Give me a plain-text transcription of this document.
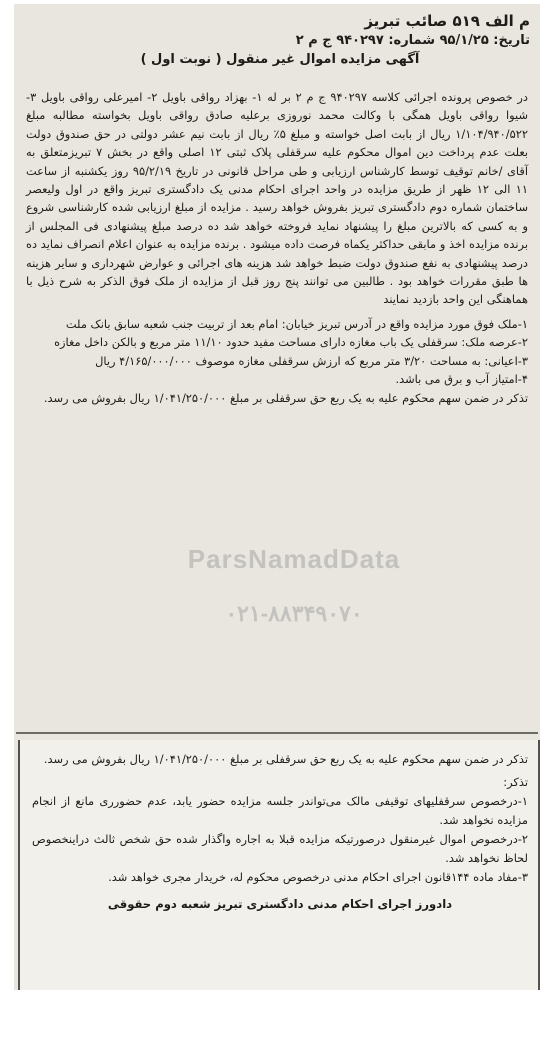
م الف ۵۱۹ صائب تبریز
تاریخ: ۹۵/۱/۲۵ شماره: ۹۴۰۲۹۷ ج م ۲
آگهی مزایده اموال غیر منقول ( نوبت اول )

در خصوص پرونده اجرائی کلاسه ۹۴۰۲۹۷ ج م ۲ بر له ۱- بهزاد رواقی باویل ۲- امیرعلی رواقی باویل ۳- شیوا رواقی باویل همگی با وکالت محمد نوروزی برعلیه صادق رواقی باویل بخواسته مطالبه مبلغ ۱/۱۰۴/۹۴۰/۵۲۲ ریال از بابت اصل خواسته و مبلغ ۵٪ ریال از بابت نیم عشر دولتی در حق صندوق دولت بعلت عدم پرداخت دین اموال محکوم علیه سرقفلی پلاک ثبتی ۱۲ اصلی واقع در بخش ۷ تبریزمتعلق به آقای /خانم توقیف توسط کارشناس ارزیابی و طی مراحل قانونی در تاریخ ۹۵/۲/۱۹ روز یکشنبه از ساعت ۱۱ الی ۱۲ ظهر از طریق مزایده در واحد اجرای احکام مدنی یک دادگستری تبریز واقع در اول ولیعصر ساختمان شماره دوم دادگستری تبریز بفروش خواهد رسید . مزایده از مبلغ ارزیابی شده کارشناسی شروع و به کسی که بالاترین مبلغ را پیشنهاد نماید فروخته خواهد شد ده درصد مبلغ پیشنهادی فی المجلس از برنده مزایده اخذ و مابقی حداکثر یکماه فرصت داده میشود . برنده مزایده به عنوان اعلام انصراف نماید ده درصد پیشنهادی به نفع صندوق دولت ضبط خواهد شد هزینه های اجرائی و عوارض شهرداری و سایر هزینه ها طبق مقررات خواهد بود . طالبین می توانند پنج روز قبل از مزایده از ملک فوق الذکر به شرح ذیل با هماهنگی این واحد بازدید نمایند

۱-ملک فوق مورد مزایده واقع در آدرس تبریز خیابان: امام بعد از تربیت جنب شعبه سابق بانک ملت

۲-عرصه ملک: سرقفلی یک باب مغازه دارای مساحت مفید حدود ۱۱/۱۰ متر مربع و بالکن داخل مغازه

۳-اعیانی: به مساحت ۳/۲۰ متر مربع که ارزش سرقفلی مغازه موصوف ۴/۱۶۵/۰۰۰/۰۰۰ ریال

۴-امتیاز آب و برق می باشد.

تذکر در ضمن سهم محکوم علیه به یک ربع حق سرقفلی بر مبلغ ۱/۰۴۱/۲۵۰/۰۰۰ ریال بفروش می رسد.

ParsNamadData
۰۲۱-۸۸۳۴۹۰۷۰

تذکر در ضمن سهم محکوم علیه به یک ربع حق سرقفلی بر مبلغ ۱/۰۴۱/۲۵۰/۰۰۰ ریال بفروش می رسد.

تذکر:

۱-درخصوص سرقفلیهای توقیفی مالک می‌تواندر جلسه مزایده حضور یابد، عدم حضورری مانع از انجام مزایده نخواهد شد.

۲-درخصوص اموال غیرمنقول درصورتیکه مزایده قبلا به اجاره واگذار شده حق شخص ثالث دراینخصوص لحاظ نخواهد شد.

۳-مفاد ماده ۱۴۴قانون اجرای احکام مدنی درخصوص محکوم له، خریدار مجری خواهد شد.

دادورز اجرای احکام مدنی دادگستری تبریز شعبه دوم حقوقی
